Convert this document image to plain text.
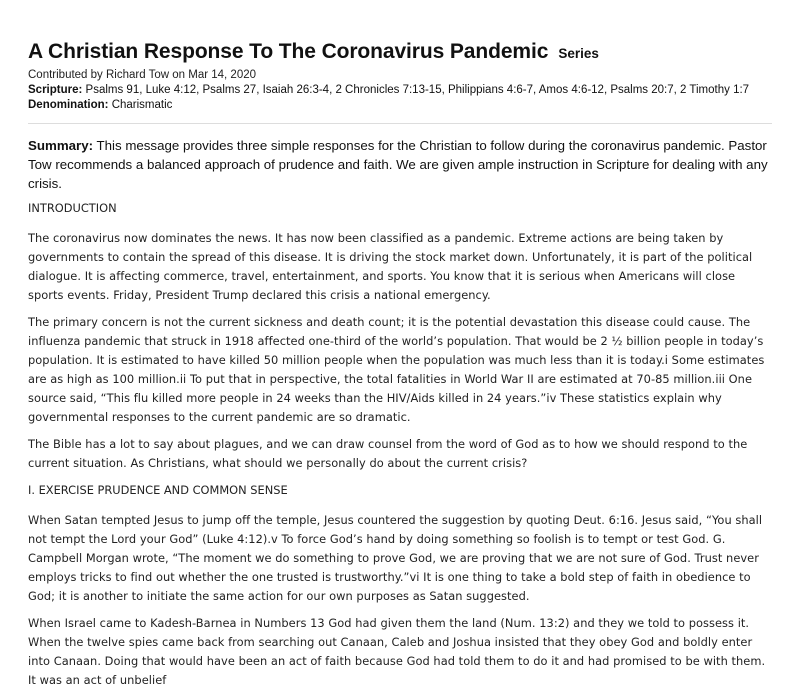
A Christian Response To The Coronavirus Pandemic Series
Contributed by Richard Tow on Mar 14, 2020
Scripture: Psalms 91, Luke 4:12, Psalms 27, Isaiah 26:3-4, 2 Chronicles 7:13-15, Philippians 4:6-7, Amos 4:6-12, Psalms 20:7, 2 Timothy 1:7
Denomination: Charismatic

Summary: This message provides three simple responses for the Christian to follow during the coronavirus pandemic. Pastor Tow recommends a balanced approach of prudence and faith. We are given ample instruction in Scripture for dealing with any crisis.

INTRODUCTION

The coronavirus now dominates the news. It has now been classified as a pandemic. Extreme actions are being taken by governments to contain the spread of this disease. It is driving the stock market down. Unfortunately, it is part of the political dialogue. It is affecting commerce, travel, entertainment, and sports. You know that it is serious when Americans will close sports events. Friday, President Trump declared this crisis a national emergency.

The primary concern is not the current sickness and death count; it is the potential devastation this disease could cause. The influenza pandemic that struck in 1918 affected one-third of the world’s population. That would be 2 ½ billion people in today’s population. It is estimated to have killed 50 million people when the population was much less than it is today.i Some estimates are as high as 100 million.ii To put that in perspective, the total fatalities in World War II are estimated at 70-85 million.iii One source said, “This flu killed more people in 24 weeks than the HIV/Aids killed in 24 years.”iv These statistics explain why governmental responses to the current pandemic are so dramatic.

The Bible has a lot to say about plagues, and we can draw counsel from the word of God as to how we should respond to the current situation. As Christians, what should we personally do about the current crisis?

I. EXERCISE PRUDENCE AND COMMON SENSE

When Satan tempted Jesus to jump off the temple, Jesus countered the suggestion by quoting Deut. 6:16. Jesus said, “You shall not tempt the Lord your God” (Luke 4:12).v To force God’s hand by doing something so foolish is to tempt or test God. G. Campbell Morgan wrote, “The moment we do something to prove God, we are proving that we are not sure of God. Trust never employs tricks to find out whether the one trusted is trustworthy.”vi It is one thing to take a bold step of faith in obedience to God; it is another to initiate the same action for our own purposes as Satan suggested.

When Israel came to Kadesh-Barnea in Numbers 13 God had given them the land (Num. 13:2) and they we told to possess it. When the twelve spies came back from searching out Canaan, Caleb and Joshua insisted that they obey God and boldly enter into Canaan. Doing that would have been an act of faith because God had told them to do it and had promised to be with them. It was an act of unbelief
